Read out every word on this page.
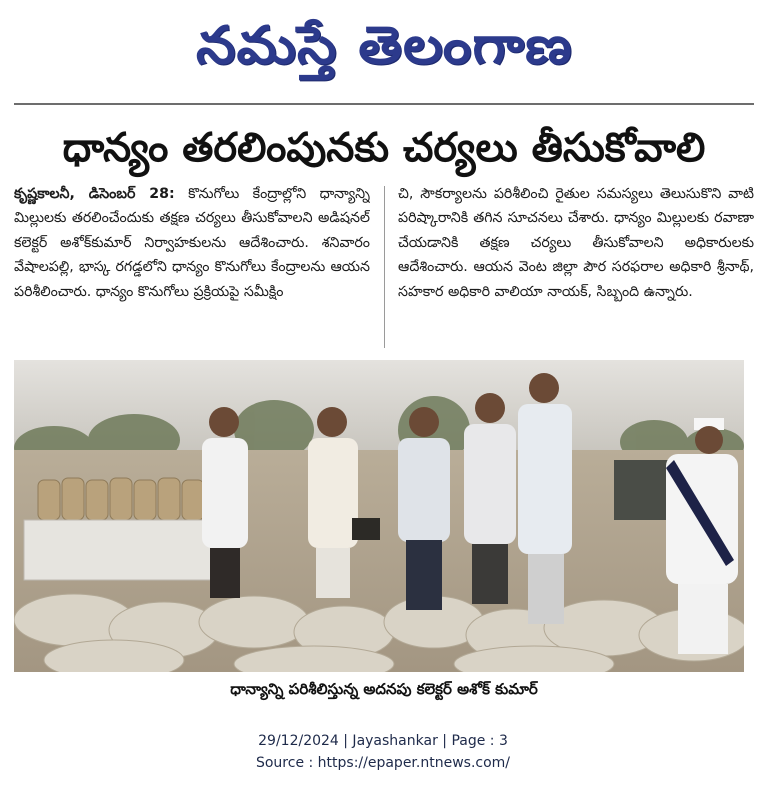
నమస్తే తెలంగాణ
ధాన్యం తరలింపునకు చర్యలు తీసుకోవాలి

కృష్ణకాలనీ, డిసెంబర్ 28: కొనుగోలు కేంద్రాల్లోని ధాన్యాన్ని మిల్లులకు తరలించేందుకు తక్షణ చర్యలు తీసుకోవాలని అడిషనల్ కలెక్టర్ అశోక్‌కుమార్ నిర్వాహకులను ఆదేశించారు. శనివారం వేషాలపల్లి, భాస్క రగడ్డలోని ధాన్యం కొనుగోలు కేంద్రాలను ఆయన పరిశీలించారు. ధాన్యం కొనుగోలు ప్రక్రియపై సమీక్షిం

చి, సౌకర్యాలను పరిశీలించి రైతుల సమస్యలు తెలుసుకొని వాటి పరిష్కారానికి తగిన సూచనలు చేశారు. ధాన్యం మిల్లులకు రవాణా చేయడానికి తక్షణ చర్యలు తీసుకోవాలని అధికారులకు ఆదేశించారు. ఆయన వెంట జిల్లా పౌర సరఫరాల అధికారి శ్రీనాథ్, సహకార అధికారి వాలియా నాయక్, సిబ్బంది ఉన్నారు.

ధాన్యాన్ని పరిశీలిస్తున్న అదనపు కలెక్టర్ అశోక్ కుమార్
29/12/2024 | Jayashankar | Page : 3
Source : https://epaper.ntnews.com/
